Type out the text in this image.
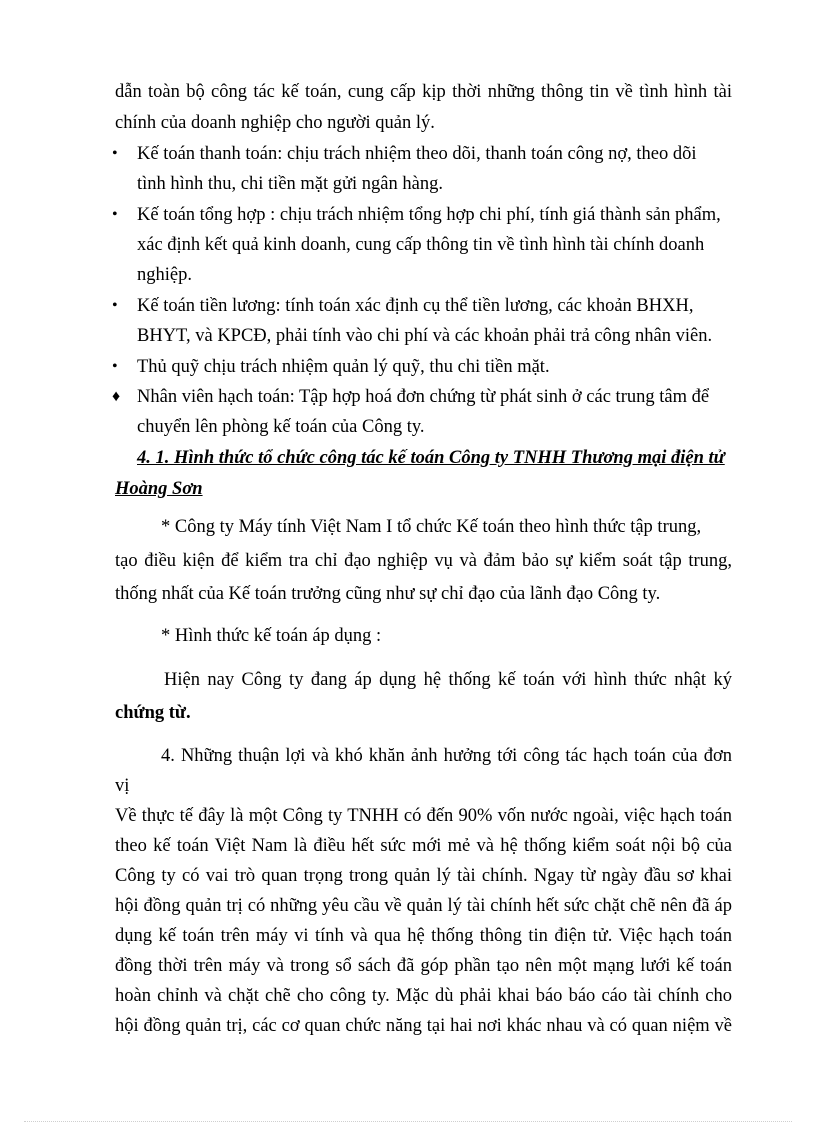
dẫn toàn bộ công tác kế toán, cung cấp kịp thời những thông tin về tình hình tài
chính của doanh nghiệp cho người quản lý.
• Kế toán thanh toán: chịu trách nhiệm theo dõi, thanh toán công nợ, theo dõi
tình hình thu, chi tiền mặt gửi ngân hàng.
• Kế toán tổng hợp : chịu trách nhiệm tổng hợp chi phí, tính giá thành sản phẩm,
xác định kết quả kinh doanh, cung cấp thông tin về tình hình tài chính doanh
nghiệp.
• Kế toán tiền lương: tính toán xác định cụ thể tiền lương, các khoản BHXH,
BHYT, và KPCĐ, phải tính vào chi phí và các khoản phải trả công nhân viên.
• Thủ quỹ chịu trách nhiệm quản lý quỹ, thu chi tiền mặt.
♦ Nhân viên hạch toán: Tập hợp hoá đơn chứng từ phát sinh ở các trung tâm để
chuyển lên phòng kế toán của Công ty.
4. 1. Hình thức tổ chức công tác kế toán Công ty TNHH Thương mại điện tử
Hoàng Sơn
* Công ty Máy tính Việt Nam I tổ chức Kế toán theo hình thức tập trung,
tạo điều kiện để kiểm tra chỉ đạo nghiệp vụ và đảm bảo sự kiểm soát tập trung,
thống nhất của Kế toán trưởng cũng như sự chỉ đạo của lãnh đạo Công ty.
* Hình thức kế toán áp dụng :
Hiện nay Công ty đang áp dụng hệ thống kế toán với hình thức nhật ký
chứng từ.
4. Những thuận lợi và khó khăn ảnh hưởng tới công tác hạch toán của đơn
vị
Về thực tế đây là một Công ty TNHH có đến 90% vốn nước ngoài, việc hạch toán
theo kế toán Việt Nam là điều hết sức mới mẻ và hệ thống kiểm soát nội bộ của
Công ty có vai trò quan trọng trong quản lý tài chính. Ngay từ ngày đầu sơ khai
hội đồng quản trị có những yêu cầu về quản lý tài chính hết sức chặt chẽ nên đã áp
dụng kế toán trên máy vi tính và qua hệ thống thông tin điện tử. Việc hạch toán
đồng thời trên máy và trong sổ sách đã góp phần tạo nên một mạng lưới kế toán
hoàn chỉnh và chặt chẽ cho công ty. Mặc dù phải khai báo báo cáo tài chính cho
hội đồng quản trị, các cơ quan chức năng tại hai nơi khác nhau và có quan niệm về
